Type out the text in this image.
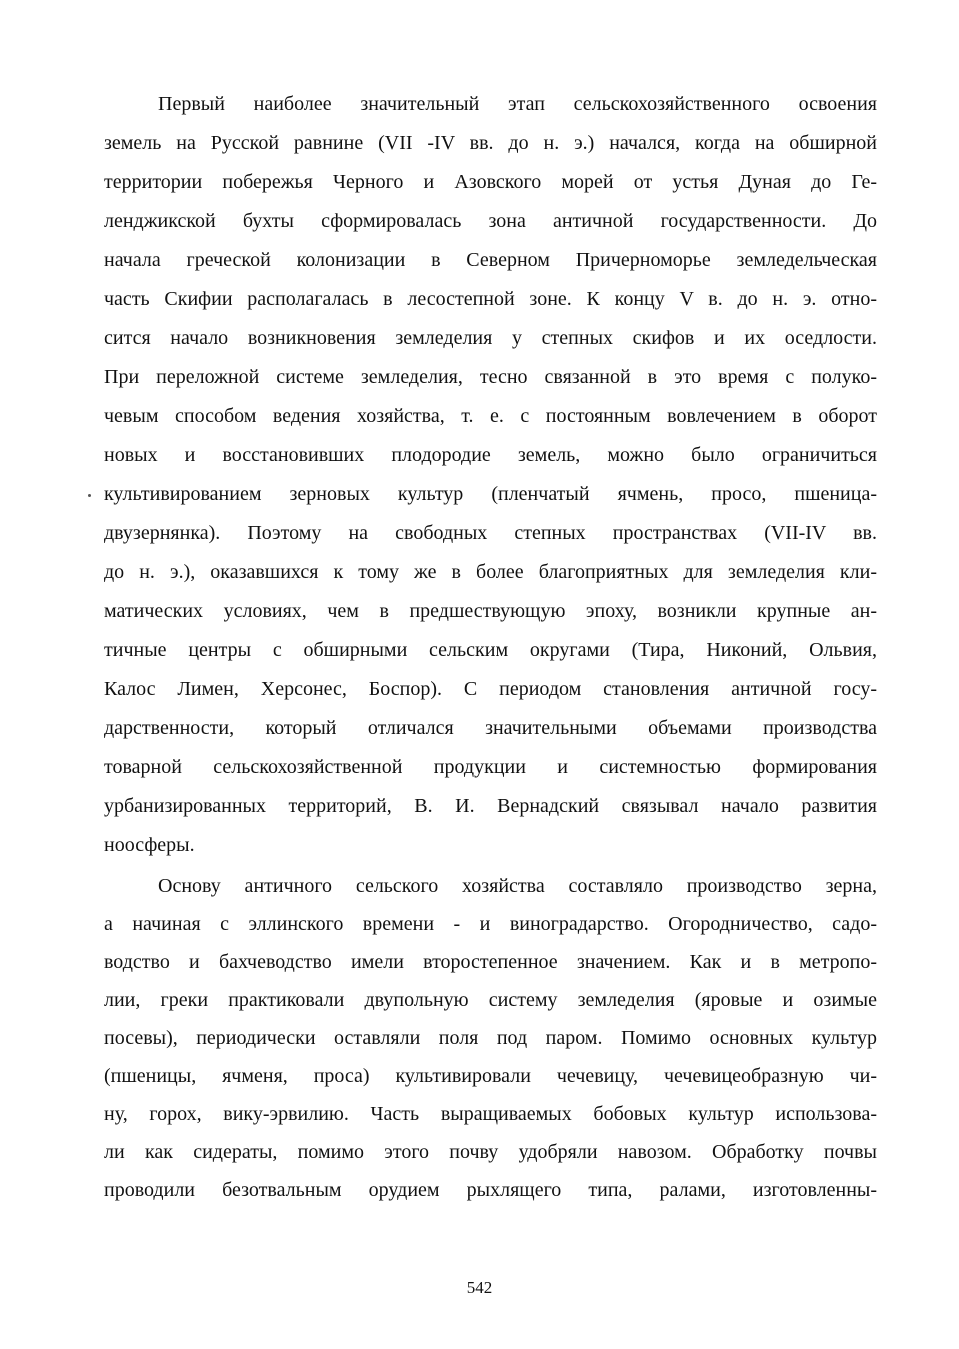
Первый наиболее значительный этап сельскохозяйственного освоения
земель на Русской равнине (VII -IV вв. до н. э.) начался, когда на обширной
территории побережья Черного и Азовского морей от устья Дуная до Ге-
ленджикской бухты сформировалась зона античной государственности. До
начала греческой колонизации в Северном Причерноморье земледельческая
часть Скифии располагалась в лесостепной зоне. К концу V в. до н. э. отно-
сится начало возникновения земледелия у степных скифов и их оседлости.
При переложной системе земледелия, тесно связанной в это время с полуко-
чевым способом ведения хозяйства, т. е. с постоянным вовлечением в оборот
новых и восстановивших плодородие земель, можно было ограничиться
культивированием зерновых культур (пленчатый ячмень, просо, пшеница-
двузернянка). Поэтому на свободных степных пространствах (VII-IV вв.
до н. э.), оказавшихся к тому же в более благоприятных для земледелия кли-
матических условиях, чем в предшествующую эпоху, возникли крупные ан-
тичные центры с обширными сельским округами (Тира, Никоний, Ольвия,
Калос Лимен, Херсонес, Боспор). С периодом становления античной госу-
дарственности, который отличался значительными объемами производства
товарной сельскохозяйственной продукции и системностью формирования
урбанизированных территорий, В. И. Вернадский связывал начало развития
ноосферы.
Основу античного сельского хозяйства составляло производство зерна,
а начиная с эллинского времени - и виноградарство. Огородничество, садо-
водство и бахчеводство имели второстепенное значением. Как и в метропо-
лии, греки практиковали двупольную систему земледелия (яровые и озимые
посевы), периодически оставляли поля под паром. Помимо основных культур
(пшеницы, ячменя, проса) культивировали чечевицу, чечевицеобразную чи-
ну, горох, вику-эрвилию. Часть выращиваемых бобовых культур использова-
ли как сидераты, помимо этого почву удобряли навозом. Обработку почвы
проводили безотвальным орудием рыхлящего типа, ралами, изготовленны-
542
